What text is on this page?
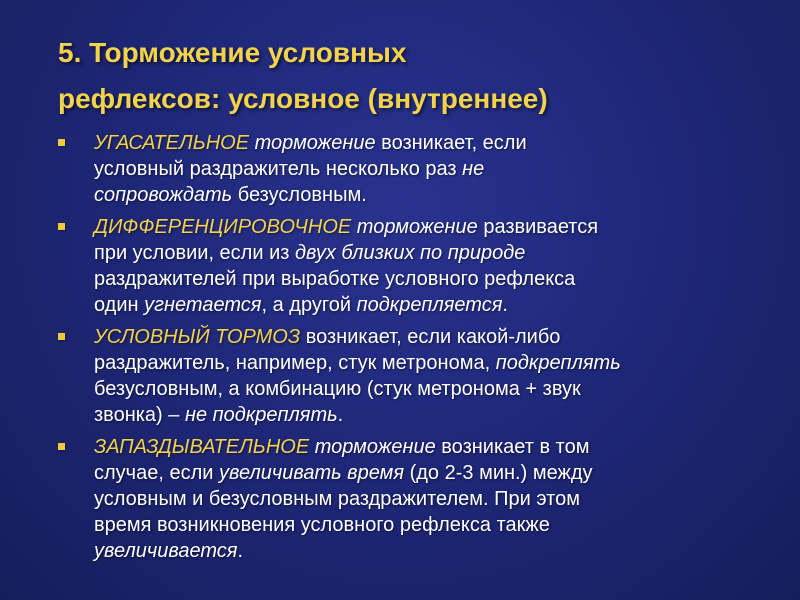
5. Торможение условных
рефлексов: условное (внутреннее)
УГАСАТЕЛЬНОЕ торможение возникает, если
условный раздражитель несколько раз не
сопровождать безусловным.
ДИФФЕРЕНЦИРОВОЧНОЕ торможение развивается
при условии, если из двух близких по природе
раздражителей при выработке условного рефлекса
один угнетается, а другой подкрепляется.
УСЛОВНЫЙ ТОРМОЗ возникает, если какой-либо
раздражитель, например, стук метронома, подкреплять
безусловным, а комбинацию (стук метронома + звук
звонка) – не подкреплять.
ЗАПАЗДЫВАТЕЛЬНОЕ торможение возникает в том
случае, если увеличивать время (до 2-3 мин.) между
условным и безусловным раздражителем. При этом
время возникновения условного рефлекса также
увеличивается.
